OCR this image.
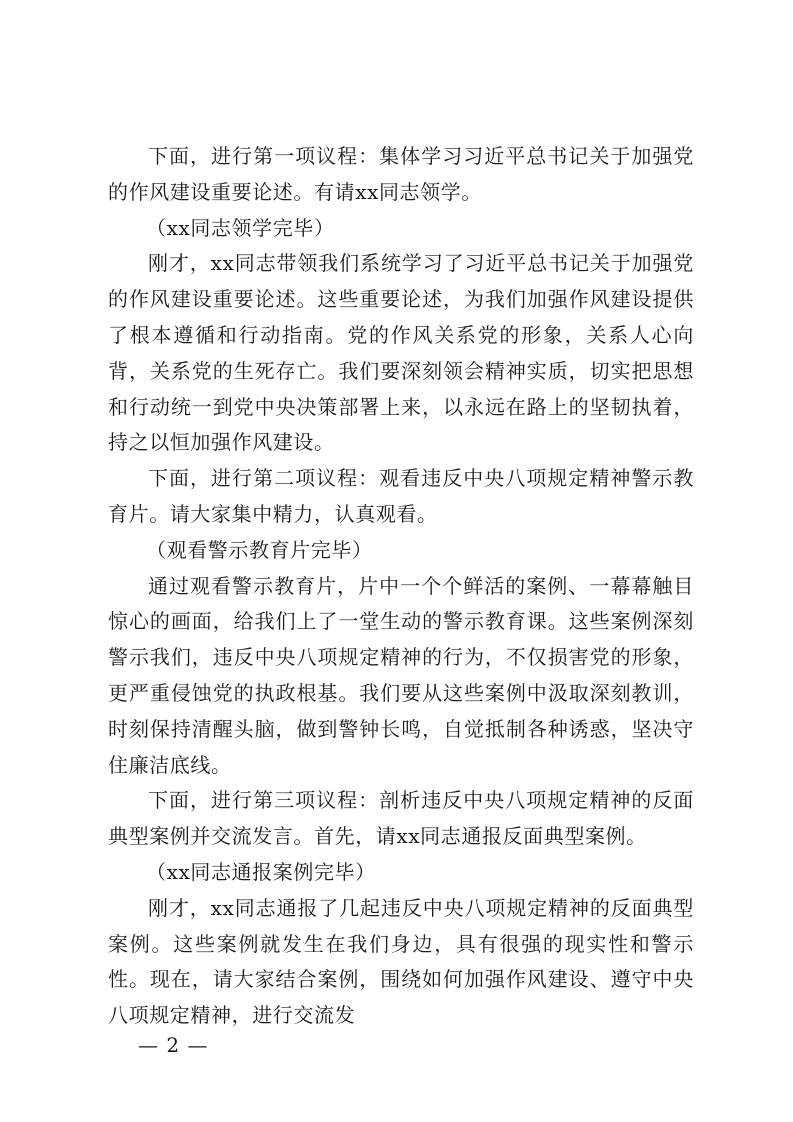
下面，进行第一项议程：集体学习习近平总书记关于加强党的作风建设重要论述。有请xx同志领学。

（xx同志领学完毕）

刚才，xx同志带领我们系统学习了习近平总书记关于加强党的作风建设重要论述。这些重要论述，为我们加强作风建设提供了根本遵循和行动指南。党的作风关系党的形象，关系人心向背，关系党的生死存亡。我们要深刻领会精神实质，切实把思想和行动统一到党中央决策部署上来，以永远在路上的坚韧执着，持之以恒加强作风建设。

下面，进行第二项议程：观看违反中央八项规定精神警示教育片。请大家集中精力，认真观看。

（观看警示教育片完毕）

通过观看警示教育片，片中一个个鲜活的案例、一幕幕触目惊心的画面，给我们上了一堂生动的警示教育课。这些案例深刻警示我们，违反中央八项规定精神的行为，不仅损害党的形象，更严重侵蚀党的执政根基。我们要从这些案例中汲取深刻教训，时刻保持清醒头脑，做到警钟长鸣，自觉抵制各种诱惑，坚决守住廉洁底线。

下面，进行第三项议程：剖析违反中央八项规定精神的反面典型案例并交流发言。首先，请xx同志通报反面典型案例。

（xx同志通报案例完毕）

刚才，xx同志通报了几起违反中央八项规定精神的反面典型案例。这些案例就发生在我们身边，具有很强的现实性和警示性。现在，请大家结合案例，围绕如何加强作风建设、遵守中央八项规定精神，进行交流发

— 2 —
